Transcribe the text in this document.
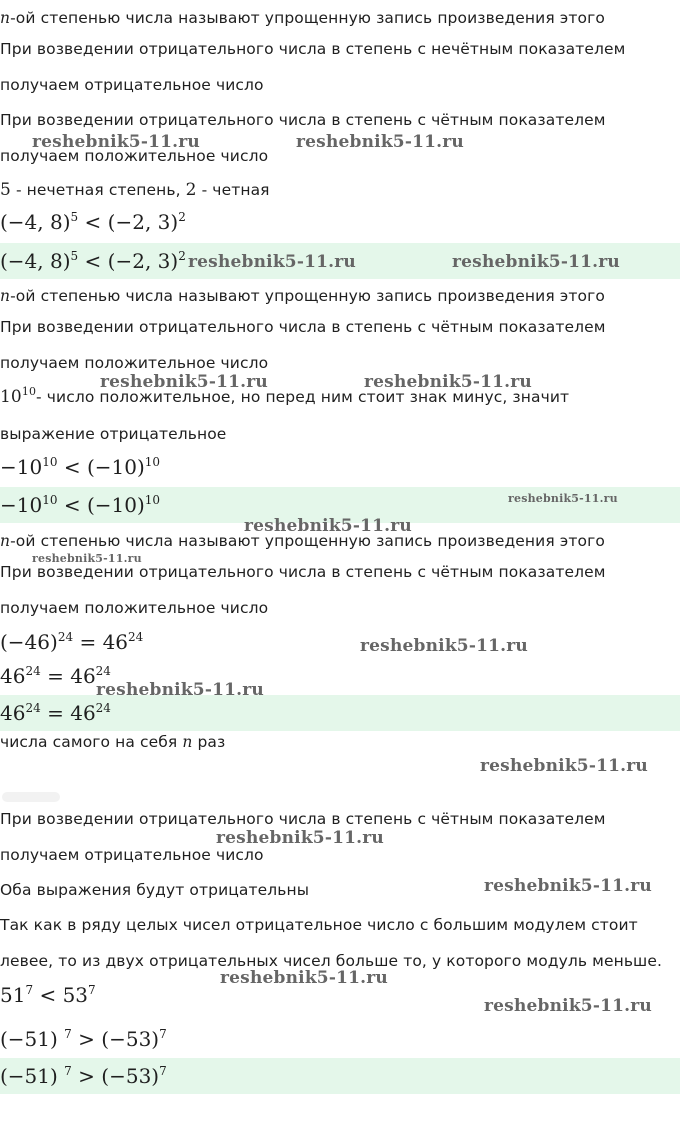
n-ой степенью числа называют упрощенную запись произведения этого
При возведении отрицательного числа в степень с нечётным показателем
получаем отрицательное число
При возведении отрицательного числа в степень с чётным показателем
получаем положительное число
5 - нечетная степень, 2 - четная
(−4, 8)$^5$ < (−2, 3)$^2$
(−4, 8)$^5$ < (−2, 3)$^2$
n-ой степенью числа называют упрощенную запись произведения этого
При возведении отрицательного числа в степень с чётным показателем
получаем положительное число
$10^{10}-$ число положительное, но перед ним стоит знак минус, значит
выражение отрицательное
$-10^{10} < (-10)^{10}$
$-10^{10} < (-10)^{10}$
n-ой степенью числа называют упрощенную запись произведения этого
При возведении отрицательного числа в степень с чётным показателем
получаем положительное число
$(-46)^{24} = 46^{24}$
$46^{24} = 46^{24}$
$46^{24} = 46^{24}$
числа самого на себя n раз
При возведении отрицательного числа в степень с чётным показателем
получаем отрицательное число
Оба выражения будут отрицательны
Так как в ряду целых чисел отрицательное число с большим модулем стоит
левее, то из двух отрицательных чисел больше то, у которого модуль меньше.
$51^7 < 53^7$
(−51) $^7 > (-53)^7$
(−51) $^7 > (-53)^7$
reshebnik5-11.ru	reshebnik5-11.ru
reshebnik5-11.ru	reshebnik5-11.ru
reshebnik5-11.ru	reshebnik5-11.ru
reshebnik5-11.ru
reshebnik5-11.ru
reshebnik5-11.ru
reshebnik5-11.ru
reshebnik5-11.ru
reshebnik5-11.ru
reshebnik5-11.ru
reshebnik5-11.ru
reshebnik5-11.ru
reshebnik5-11.ru
